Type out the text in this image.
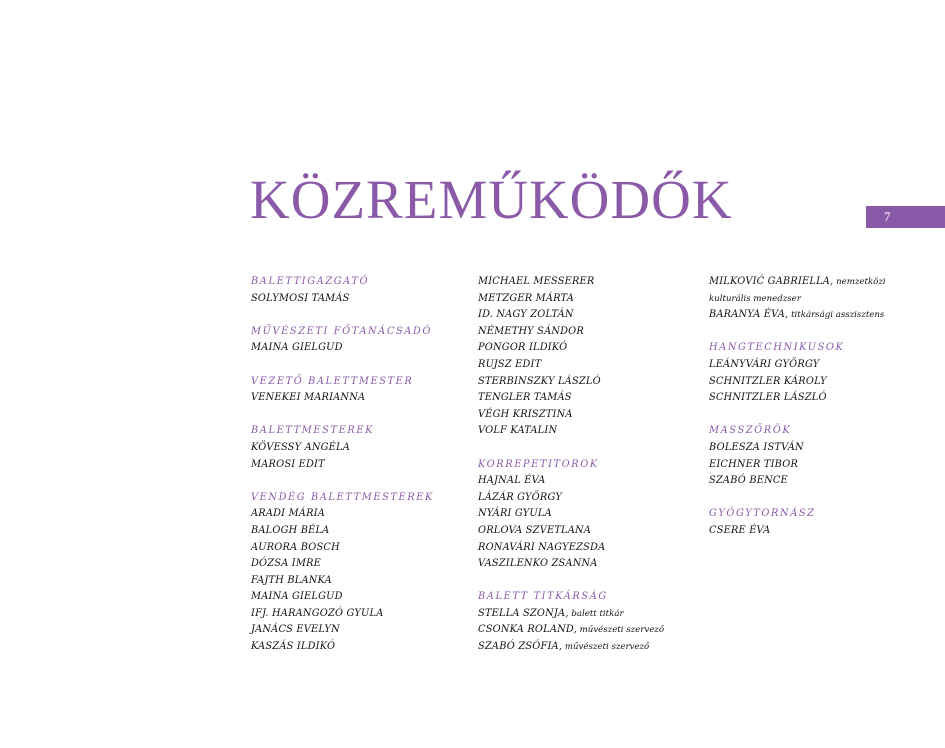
KÖZREMŰKÖDŐK	7
BALETTIGAZGATÓ
SOLYMOSI TAMÁS
MŰVÉSZETI FŐTANÁCSADÓ
MAINA GIELGUD
VEZETŐ BALETTMESTER
VENEKEI MARIANNA
BALETTMESTEREK
KÖVESSY ANGÉLA
MAROSI EDIT
VENDÉG BALETTMESTEREK
ARADI MÁRIA
BALOGH BÉLA
AURORA BOSCH
DÓZSA IMRE
FAJTH BLANKA
MAINA GIELGUD
IFJ. HARANGOZÓ GYULA
JANÁCS EVELYN
KASZÁS ILDIKÓ
MICHAEL MESSERER
METZGER MÁRTA
ID. NAGY ZOLTÁN
NÉMETHY SÁNDOR
PONGOR ILDIKÓ
RUJSZ EDIT
STERBINSZKY LÁSZLÓ
TENGLER TAMÁS
VÉGH KRISZTINA
VOLF KATALIN
KORREPETITOROK
HAJNAL ÉVA
LÁZÁR GYÖRGY
NYÁRI GYULA
ORLOVA SZVETLANA
RONAVÁRI NAGYEZSDA
VASZILENKO ZSANNA
BALETT TITKÁRSÁG
STELLA SZONJA, balett titkár
CSONKA ROLAND, művészeti szervező
SZABÓ ZSÓFIA, művészeti szervező
MILKOVIĆ GABRIELLA, nemzetközi
kulturális menedzser
BARANYA ÉVA, titkársági asszisztens
HANGTECHNIKUSOK
LEÁNYVÁRI GYÖRGY
SCHNITZLER KÁROLY
SCHNITZLER LÁSZLÓ
MASSZŐRÖK
BOLESZA ISTVÁN
EICHNER TIBOR
SZABÓ BENCE
GYÓGYTORNÁSZ
CSERE ÉVA
